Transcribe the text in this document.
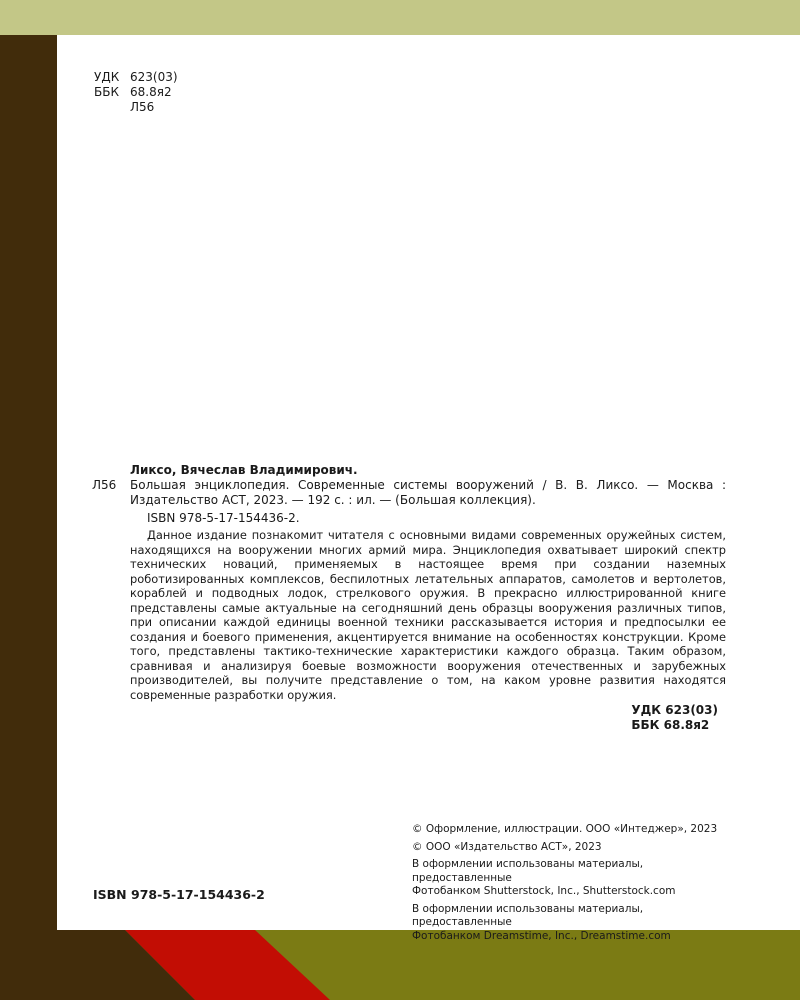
УДК 623(03)
ББК 68.8я2
Л56
Ликсо, Вячеслав Владимирович.
Л56 Большая энциклопедия. Современные системы вооружений / В. В. Ликсо. — Москва :
Издательство АСТ, 2023. — 192 с. : ил. — (Большая коллекция).
ISBN 978-5-17-154436-2.
Данное издание познакомит читателя с основными видами современных оружейных систем, находящихся на вооружении многих армий мира. Энциклопедия охватывает широкий спектр технических новаций, применяемых в настоящее время при создании наземных роботизированных комплексов, беспилотных летательных аппаратов, самолетов и вертолетов, кораблей и подводных лодок, стрелкового оружия. В прекрасно иллюстрированной книге представлены самые актуальные на сегодняшний день образцы вооружения различных типов, при описании каждой единицы военной техники рассказывается история и предпосылки ее создания и боевого применения, акцентируется внимание на особенностях конструкции. Кроме того, представлены тактико-технические характеристики каждого образца. Таким образом, сравнивая и анализируя боевые возможности вооружения отечественных и зарубежных производителей, вы получите представление о том, на каком уровне развития находятся современные разработки оружия.
УДК 623(03)
ББК 68.8я2
© Оформление, иллюстрации. ООО «Интеджер», 2023
© ООО «Издательство АСТ», 2023
В оформлении использованы материалы, предоставленные
Фотобанком Shutterstock, Inc., Shutterstock.com
В оформлении использованы материалы, предоставленные
Фотобанком Dreamstime, Inc., Dreamstime.com
ISBN 978-5-17-154436-2
